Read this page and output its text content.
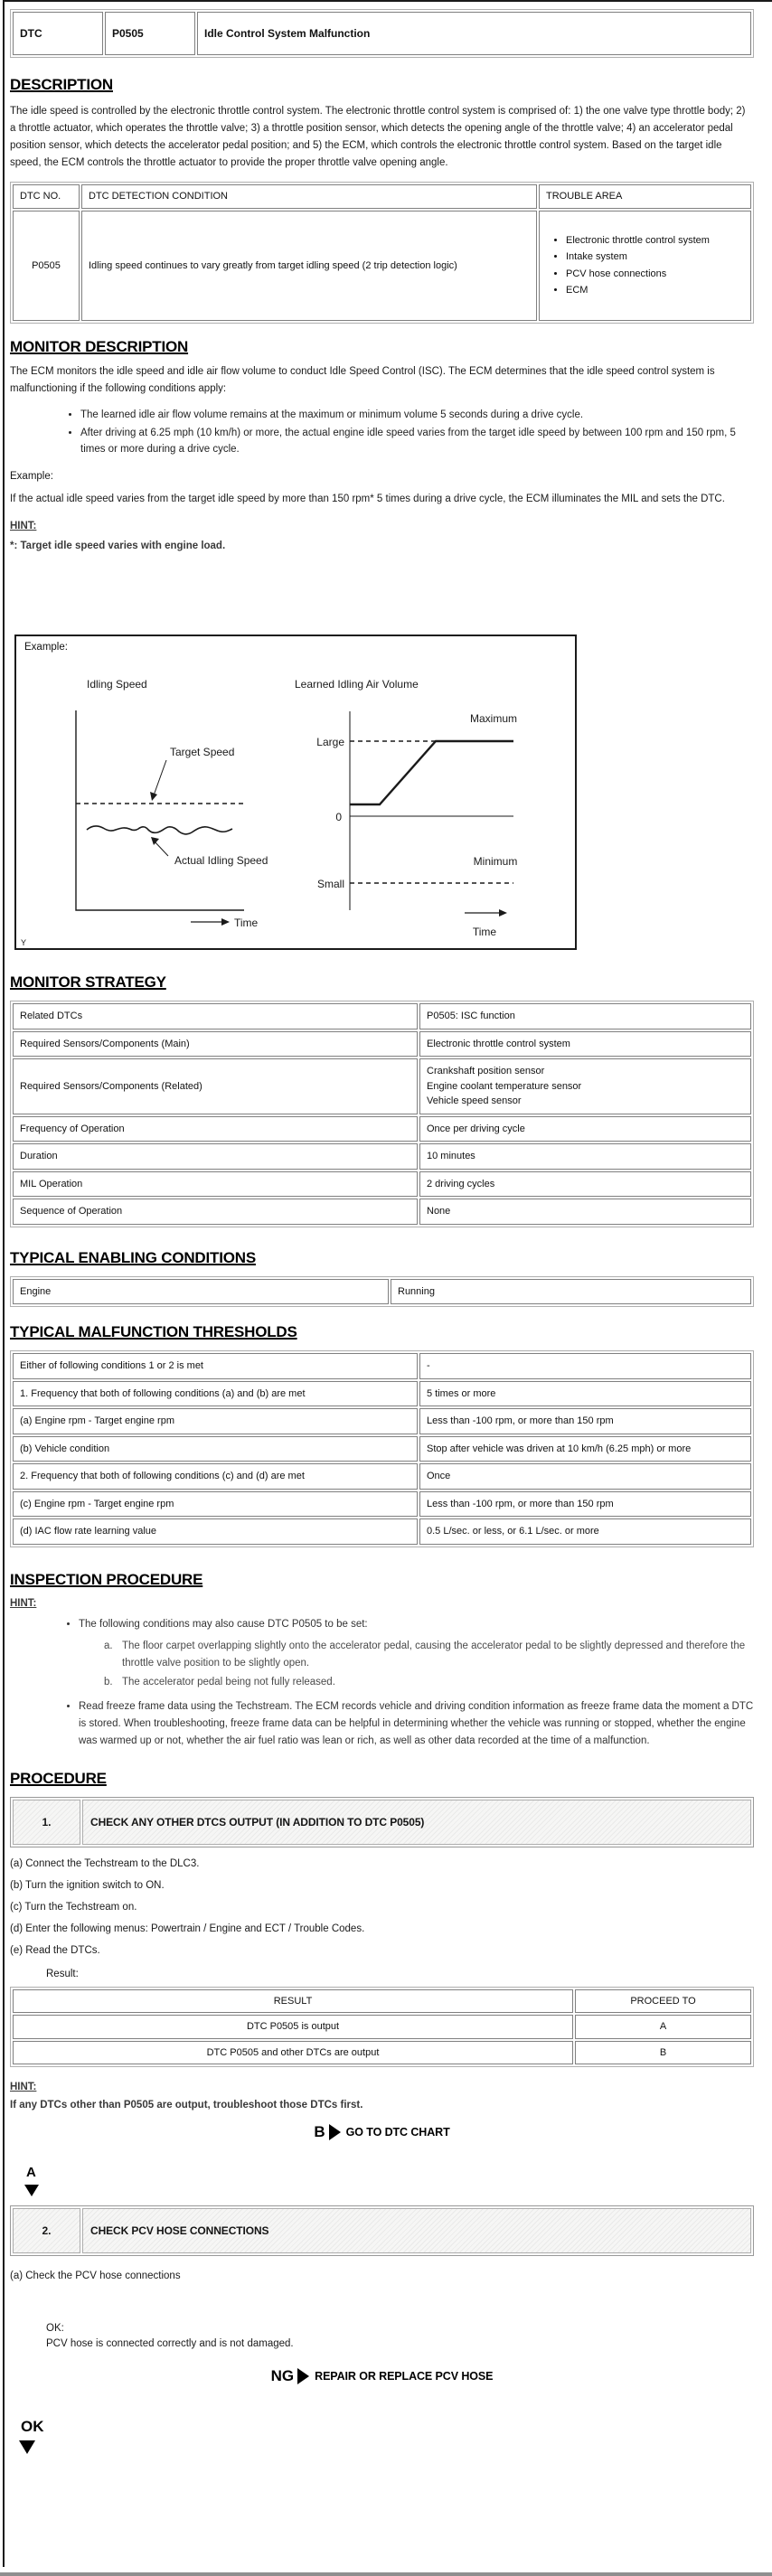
DTC	P0505	Idle Control System Malfunction
DESCRIPTION

The idle speed is controlled by the electronic throttle control system. The electronic throttle control system is comprised of: 1) the one valve type throttle body; 2) a throttle actuator, which operates the throttle valve; 3) a throttle position sensor, which detects the opening angle of the throttle valve; 4) an accelerator pedal position sensor, which detects the accelerator pedal position; and 5) the ECM, which controls the electronic throttle control system. Based on the target idle speed, the ECM controls the throttle actuator to provide the proper throttle valve opening angle.

DTC NO.	DTC DETECTION CONDITION	TROUBLE AREA
P0505	Idling speed continues to vary greatly from target idling speed (2 trip detection logic)	
• Electronic throttle control system
• Intake system
• PCV hose connections
• ECM
MONITOR DESCRIPTION

The ECM monitors the idle speed and idle air flow volume to conduct Idle Speed Control (ISC). The ECM determines that the idle speed control system is malfunctioning if the following conditions apply:

• The learned idle air flow volume remains at the maximum or minimum volume 5 seconds during a drive cycle.
• After driving at 6.25 mph (10 km/h) or more, the actual engine idle speed varies from the target idle speed by between 100 rpm and 150 rpm, 5 times or more during a drive cycle.

Example:

If the actual idle speed varies from the target idle speed by more than 150 rpm* 5 times during a drive cycle, the ECM illuminates the MIL and sets the DTC.

HINT:

*: Target idle speed varies with engine load.

Example:
Idling Speed
Target Speed
Actual Idling Speed
Time
Learned Idling Air Volume
Large
Maximum
0
Minimum
Small
Time
Y
MONITOR STRATEGY
Related DTCs	P0505: ISC function
Required Sensors/Components (Main)	Electronic throttle control system
Required Sensors/Components (Related)	Crankshaft position sensor
Engine coolant temperature sensor
Vehicle speed sensor

Frequency of Operation	Once per driving cycle
Duration	10 minutes
MIL Operation	2 driving cycles
Sequence of Operation	None
TYPICAL ENABLING CONDITIONS
Engine	Running
TYPICAL MALFUNCTION THRESHOLDS
Either of following conditions 1 or 2 is met	-
1. Frequency that both of following conditions (a) and (b) are met	5 times or more
(a) Engine rpm - Target engine rpm	Less than -100 rpm, or more than 150 rpm
(b) Vehicle condition	Stop after vehicle was driven at 10 km/h (6.25 mph) or more
2. Frequency that both of following conditions (c) and (d) are met	Once
(c) Engine rpm - Target engine rpm	Less than -100 rpm, or more than 150 rpm
(d) IAC flow rate learning value	0.5 L/sec. or less, or 6.1 L/sec. or more
INSPECTION PROCEDURE

HINT:

• The following conditions may also cause DTC P0505 to be set:
a. The floor carpet overlapping slightly onto the accelerator pedal, causing the accelerator pedal to be slightly depressed and therefore the throttle valve position to be slightly open.
b. The accelerator pedal being not fully released.
• Read freeze frame data using the Techstream. The ECM records vehicle and driving condition information as freeze frame data the moment a DTC is stored. When troubleshooting, freeze frame data can be helpful in determining whether the vehicle was running or stopped, whether the engine was warmed up or not, whether the air fuel ratio was lean or rich, as well as other data recorded at the time of a malfunction.
PROCEDURE
1.	CHECK ANY OTHER DTCS OUTPUT (IN ADDITION TO DTC P0505)

(a) Connect the Techstream to the DLC3.

(b) Turn the ignition switch to ON.

(c) Turn the Techstream on.

(d) Enter the following menus: Powertrain / Engine and ECT / Trouble Codes.

(e) Read the DTCs.

Result:

RESULT	PROCEED TO
DTC P0505 is output	A
DTC P0505 and other DTCs are output	B

HINT:

If any DTCs other than P0505 are output, troubleshoot those DTCs first.

B GO TO DTC CHART
A
2.	CHECK PCV HOSE CONNECTIONS

(a) Check the PCV hose connections

OK:
PCV hose is connected correctly and is not damaged.
NG REPAIR OR REPLACE PCV HOSE
OK
